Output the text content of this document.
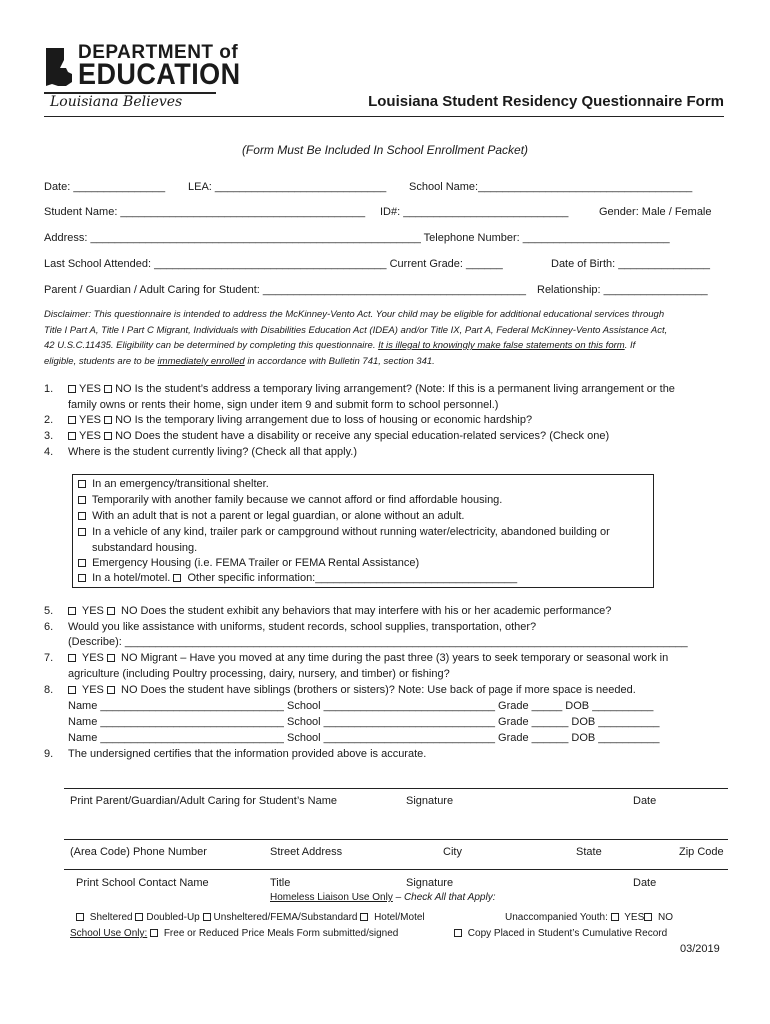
DEPARTMENT of
EDUCATION
Louisiana Believes	Louisiana Student Residency Questionnaire Form
(Form Must Be Included In School Enrollment Packet)
Date: _______________ LEA: ____________________________ School Name:___________________________________
Student Name: ________________________________________ ID#: ___________________________	Gender: Male / Female
Address: ______________________________________________________ Telephone Number: ________________________
Last School Attended: ______________________________________ Current Grade: ______	Date of Birth: _______________
Parent / Guardian / Adult Caring for Student: ___________________________________________ Relationship: _________________
Disclaimer: This questionnaire is intended to address the McKinney-Vento Act. Your child may be eligible for additional educational services through
Title I Part A, Title I Part C Migrant, Individuals with Disabilities Education Act (IDEA) and/or Title IX, Part A, Federal McKinney-Vento Assistance Act,
42 U.S.C.11435. Eligibility can be determined by completing this questionnaire. It is illegal to knowingly make false statements on this form. If
eligible, students are to be immediately enrolled in accordance with Bulletin 741, section 341.
1.	YES NO Is the student’s address a temporary living arrangement? (Note: If this is a permanent living arrangement or the
family owns or rents their home, sign under item 9 and submit form to school personnel.)
2.	YES NO Is the temporary living arrangement due to loss of housing or economic hardship?
3.	YES NO Does the student have a disability or receive any special education-related services? (Check one)
4. Where is the student currently living? (Check all that apply.)
In an emergency/transitional shelter.
Temporarily with another family because we cannot afford or find affordable housing.
With an adult that is not a parent or legal guardian, or alone without an adult.
In a vehicle of any kind, trailer park or campground without running water/electricity, abandoned building or
substandard housing.
Emergency Housing (i.e. FEMA Trailer or FEMA Rental Assistance)
In a hotel/motel. Other specific information:_________________________________
5.	YES NO Does the student exhibit any behaviors that may interfere with his or her academic performance?
6. Would you like assistance with uniforms, student records, school supplies, transportation, other?
(Describe): ____________________________________________________________________________________________
7.	YES NO Migrant – Have you moved at any time during the past three (3) years to seek temporary or seasonal work in
agriculture (including Poultry processing, dairy, nursery, and timber) or fishing?
8.	YES NO Does the student have siblings (brothers or sisters)? Note: Use back of page if more space is needed.
Name ______________________________ School ____________________________ Grade _____ DOB __________
Name ______________________________ School ____________________________ Grade ______ DOB __________
Name ______________________________ School ____________________________ Grade ______ DOB __________
9. The undersigned certifies that the information provided above is accurate.
Print Parent/Guardian/Adult Caring for Student’s Name	Signature	Date
(Area Code) Phone Number	Street Address	City	State	Zip Code
Print School Contact Name	Title	Signature	Date
Homeless Liaison Use Only – Check All that Apply:
Sheltered Doubled-Up Unsheltered/FEMA/Substandard Hotel/Motel	Unaccompanied Youth: YES NO
School Use Only: Free or Reduced Price Meals Form submitted/signed	Copy Placed in Student’s Cumulative Record
03/2019
